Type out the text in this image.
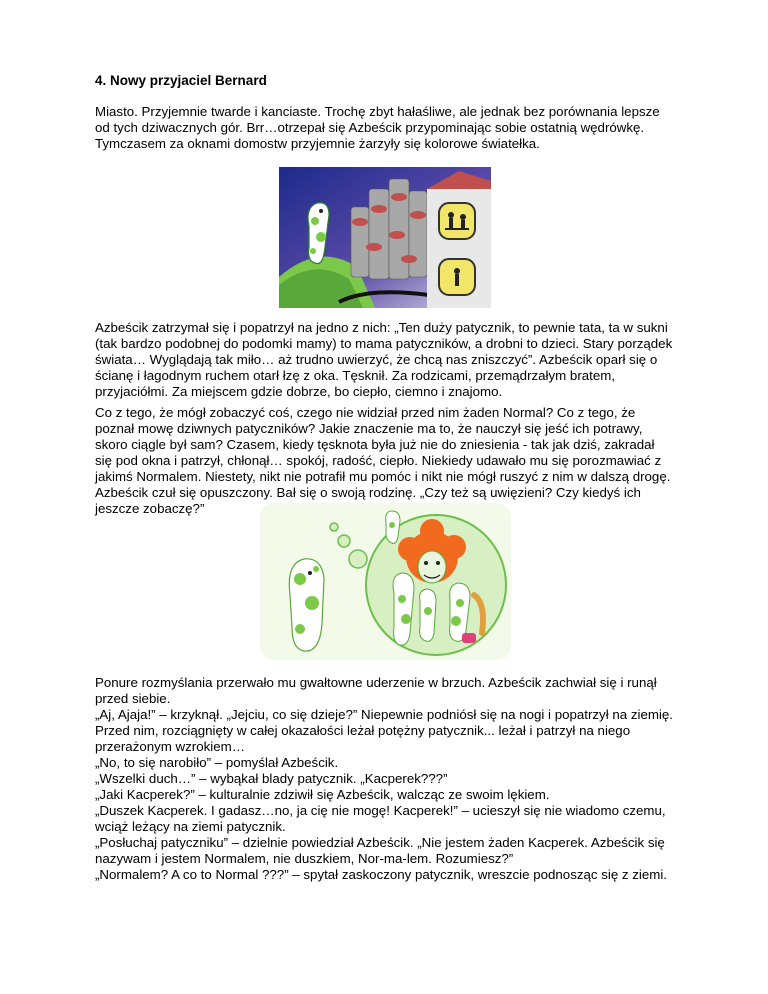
4. Nowy przyjaciel Bernard

Miasto. Przyjemnie twarde i kanciaste. Trochę zbyt hałaśliwe, ale jednak bez porównania lepsze od tych dziwacznych gór. Brr…otrzepał się Azbeścik przypominając sobie ostatnią wędrówkę. Tymczasem za oknami domostw przyjemnie żarzyły się kolorowe światełka.

Azbeścik zatrzymał się i popatrzył na jedno z nich: „Ten duży patycznik, to pewnie tata, ta w sukni (tak bardzo podobnej do podomki mamy) to mama patyczników, a drobni to dzieci. Stary porządek świata… Wyglądają tak miło… aż trudno uwierzyć, że chcą nas zniszczyć”. Azbeścik oparł się o ścianę i łagodnym ruchem otarł łzę z oka. Tęsknił. Za rodzicami, przemądrzałym bratem, przyjaciółmi. Za miejscem gdzie dobrze, bo ciepło, ciemno i znajomo.

Co z tego, że mógł zobaczyć coś, czego nie widział przed nim żaden Normal? Co z tego, że poznał mowę dziwnych patyczników? Jakie znaczenie ma to, że nauczył się jeść ich potrawy, skoro ciągle był sam? Czasem, kiedy tęsknota była już nie do zniesienia - tak jak dziś, zakradał się pod okna i patrzył, chłonął… spokój, radość, ciepło. Niekiedy udawało mu się porozmawiać z jakimś Normalem. Niestety, nikt nie potrafił mu pomóc i nikt nie mógł ruszyć z nim w dalszą drogę. Azbeścik czuł się opuszczony. Bał się o swoją rodzinę. „Czy też są uwięzieni? Czy kiedyś ich jeszcze zobaczę?”

Ponure rozmyślania przerwało mu gwałtowne uderzenie w brzuch. Azbeścik zachwiał się i runął przed siebie.

„Aj, Ajaja!” – krzyknął. „Jejciu, co się dzieje?” Niepewnie podniósł się na nogi i popatrzył na ziemię. Przed nim, rozciągnięty w całej okazałości leżał potężny patycznik... leżał i patrzył na niego przerażonym wzrokiem…

„No, to się narobiło” – pomyślał Azbeścik.

„Wszelki duch…” – wybąkał blady patycznik. „Kacperek???”

„Jaki Kacperek?” – kulturalnie zdziwił się Azbeścik, walcząc ze swoim lękiem.

„Duszek Kacperek. I gadasz…no, ja cię nie mogę! Kacperek!” – ucieszył się nie wiadomo czemu, wciąż leżący na ziemi patycznik.

„Posłuchaj patyczniku” – dzielnie powiedział Azbeścik. „Nie jestem żaden Kacperek. Azbeścik się nazywam i jestem Normalem, nie duszkiem, Nor-ma-lem. Rozumiesz?”

„Normalem? A co to Normal ???” – spytał zaskoczony patycznik, wreszcie podnosząc się z ziemi.
